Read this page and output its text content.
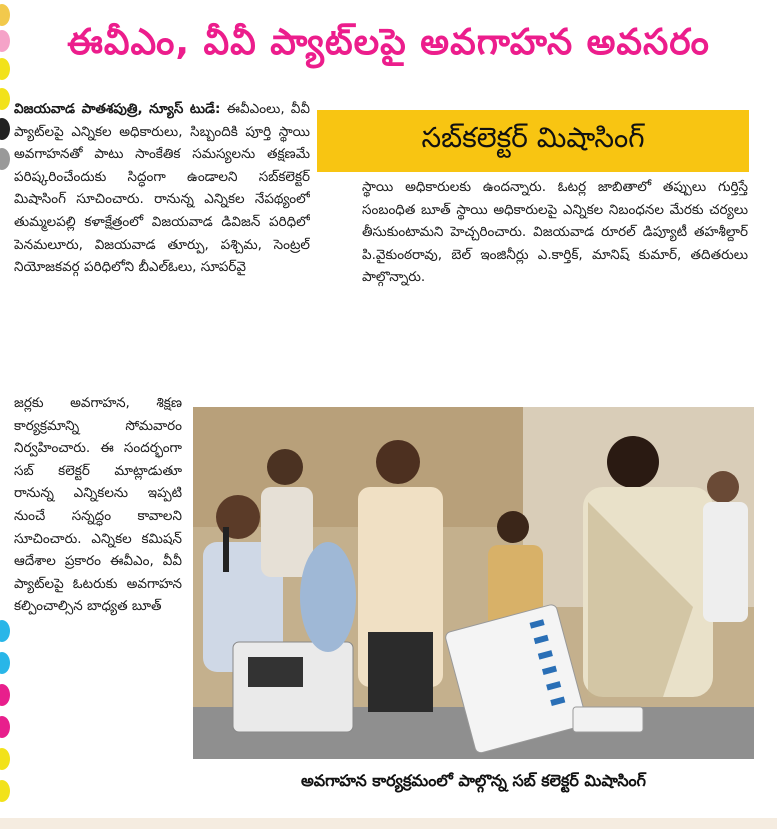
ఈవీఎం, వీవీ ప్యాట్‌లపై అవగాహన అవసరం
సబ్‌కలెక్టర్ మిషాసింగ్

విజయవాడ పాతశపుత్రి, న్యూస్ టుడే: ఈవీఎంలు, వీవీ ప్యాట్‌లపై ఎన్నికల అధికారులు, సిబ్బందికి పూర్తి స్థాయి అవగాహనతో పాటు సాంకేతిక సమస్యలను తక్షణమే పరిష్కరించేందుకు సిద్ధంగా ఉండాలని సబ్‌కలెక్టర్ మిషాసింగ్ సూచించారు. రానున్న ఎన్నికల నేపథ్యంలో తుమ్మలపల్లి కళాక్షేత్రంలో విజయవాడ డివిజన్ పరిధిలో పెనమలూరు, విజయవాడ తూర్పు, పశ్చిమ, సెంట్రల్ నియోజకవర్గ పరిధిలోని బీఎల్‌ఓలు, సూపర్‌వై

స్థాయి అధికారులకు ఉందన్నారు. ఓటర్ల జాబితాలో తప్పులు గుర్తిస్తే సంబంధిత బూత్ స్థాయి అధికారులపై ఎన్నికల నిబంధనల మేరకు చర్యలు తీసుకుంటామని హెచ్చరించారు. విజయవాడ రూరల్ డిప్యూటీ తహశీల్దార్ పి.వైకుంఠరావు, బెల్ ఇంజినీర్లు ఎ.కార్తిక్, మానిష్ కుమార్, తదితరులు పాల్గొన్నారు.

జర్లకు అవగాహన, శిక్షణ కార్యక్రమాన్ని సోమవారం నిర్వహించారు. ఈ సందర్భంగా సబ్ కలెక్టర్ మాట్లాడుతూ రానున్న ఎన్నికలను ఇప్పటి నుంచే సన్నద్ధం కావాలని సూచించారు. ఎన్నికల కమిషన్ ఆదేశాల ప్రకారం ఈవీఎం, వీవీ ప్యాట్‌లపై ఓటరుకు అవగాహన కల్పించాల్సిన బాధ్యత బూత్

అవగాహన కార్యక్రమంలో పాల్గొన్న సబ్ కలెక్టర్ మిషాసింగ్
